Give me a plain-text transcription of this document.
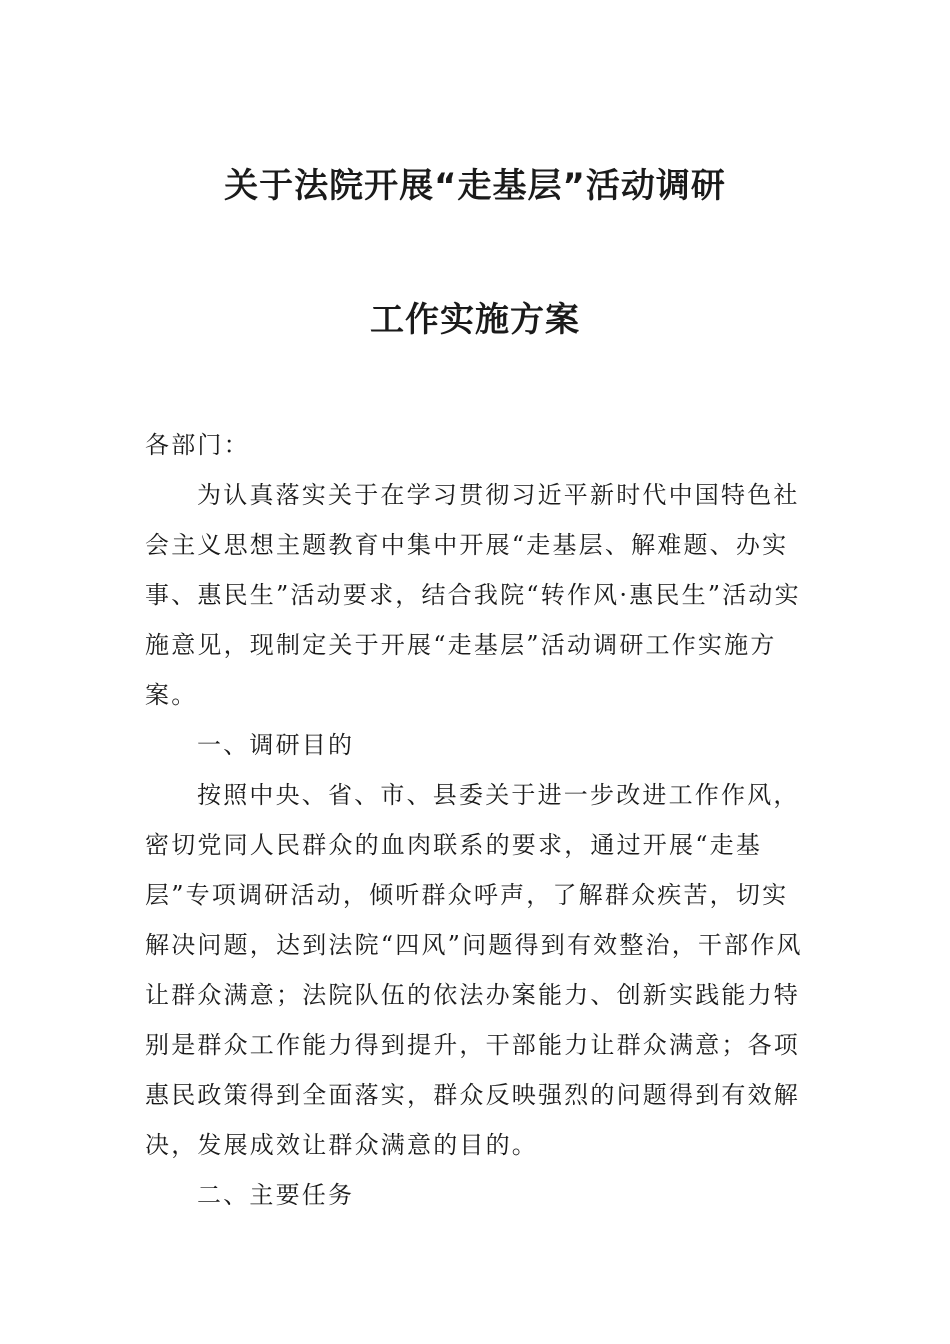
关于法院开展“走基层”活动调研
工作实施方案
各部门：
为认真落实关于在学习贯彻习近平新时代中国特色社会主义思想主题教育中集中开展“走基层、解难题、办实事、惠民生”活动要求，结合我院“转作风·惠民生”活动实施意见，现制定关于开展“走基层”活动调研工作实施方案。
一、调研目的
按照中央、省、市、县委关于进一步改进工作作风，密切党同人民群众的血肉联系的要求，通过开展“走基层”专项调研活动，倾听群众呼声，了解群众疾苦，切实解决问题，达到法院“四风”问题得到有效整治，干部作风让群众满意；法院队伍的依法办案能力、创新实践能力特别是群众工作能力得到提升，干部能力让群众满意；各项惠民政策得到全面落实，群众反映强烈的问题得到有效解决，发展成效让群众满意的目的。
二、主要任务
